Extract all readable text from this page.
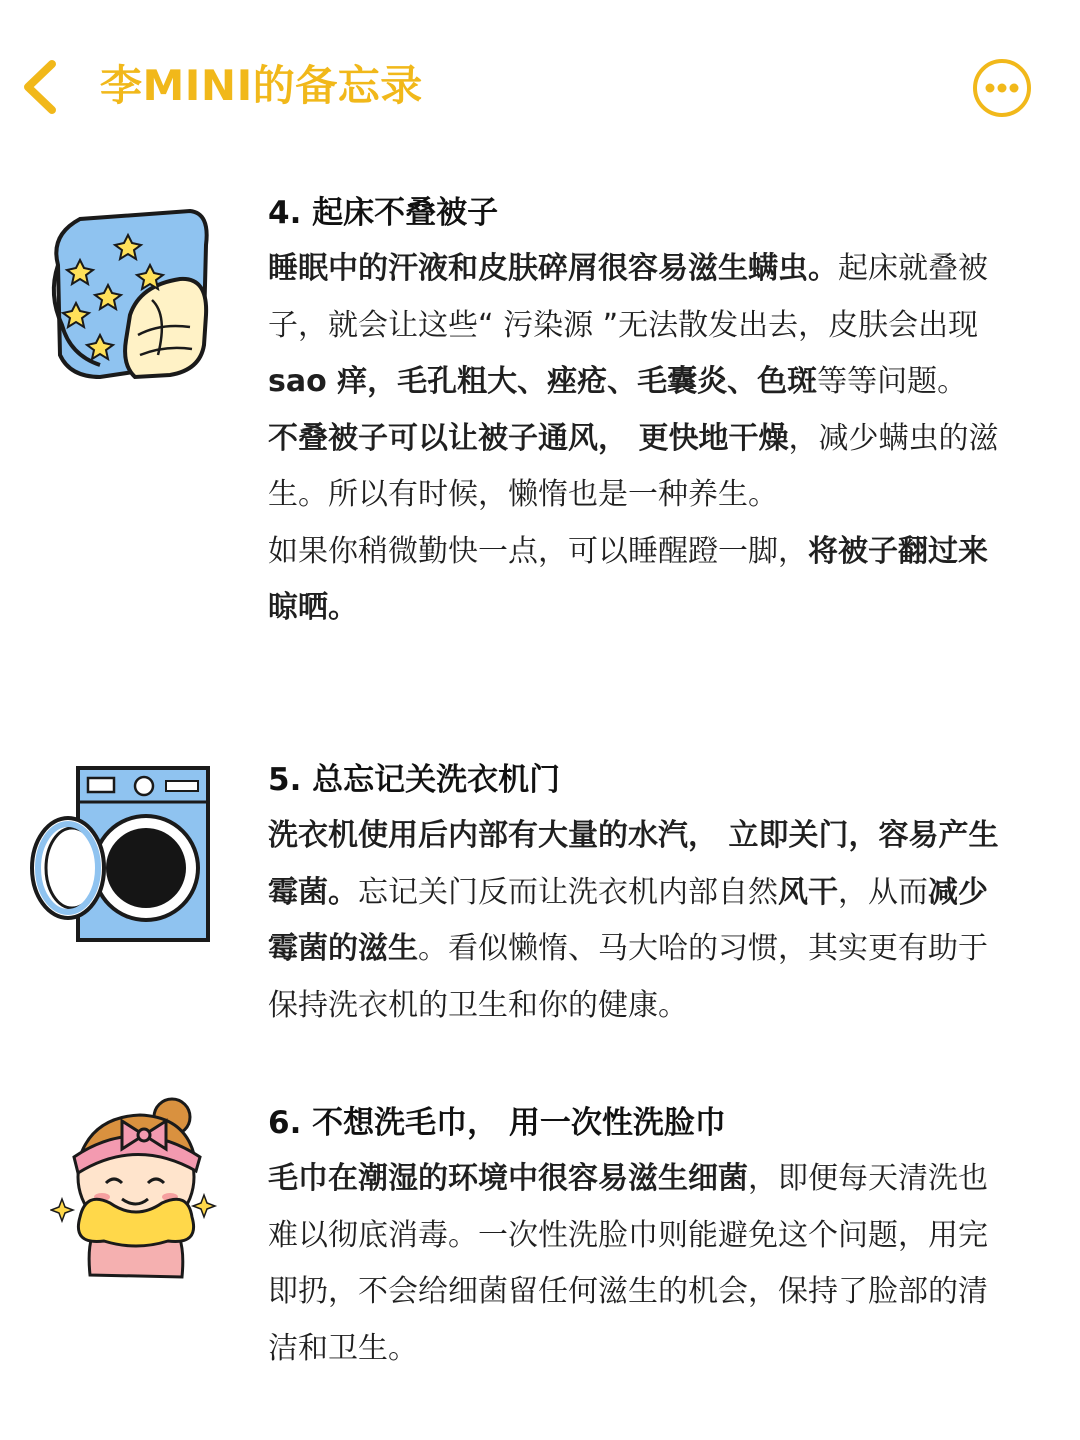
李MINI的备忘录
4. 起床不叠被子

睡眠中的汗液和皮肤碎屑很容易滋生螨虫。起床就叠被子，就会让这些“ 污染源 ”无法散发出去，皮肤会出现sao 痒，毛孔粗大、痤疮、毛囊炎、色斑等等问题。

不叠被子可以让被子通风， 更快地干燥，减少螨虫的滋生。所以有时候，懒惰也是一种养生。

如果你稍微勤快一点，可以睡醒蹬一脚，将被子翻过来晾晒。

5. 总忘记关洗衣机门

洗衣机使用后内部有大量的水汽， 立即关门，容易产生霉菌。忘记关门反而让洗衣机内部自然风干，从而减少霉菌的滋生。看似懒惰、马大哈的习惯，其实更有助于保持洗衣机的卫生和你的健康。

6. 不想洗毛巾， 用一次性洗脸巾

毛巾在潮湿的环境中很容易滋生细菌，即便每天清洗也难以彻底消毒。一次性洗脸巾则能避免这个问题，用完即扔，不会给细菌留任何滋生的机会，保持了脸部的清洁和卫生。
